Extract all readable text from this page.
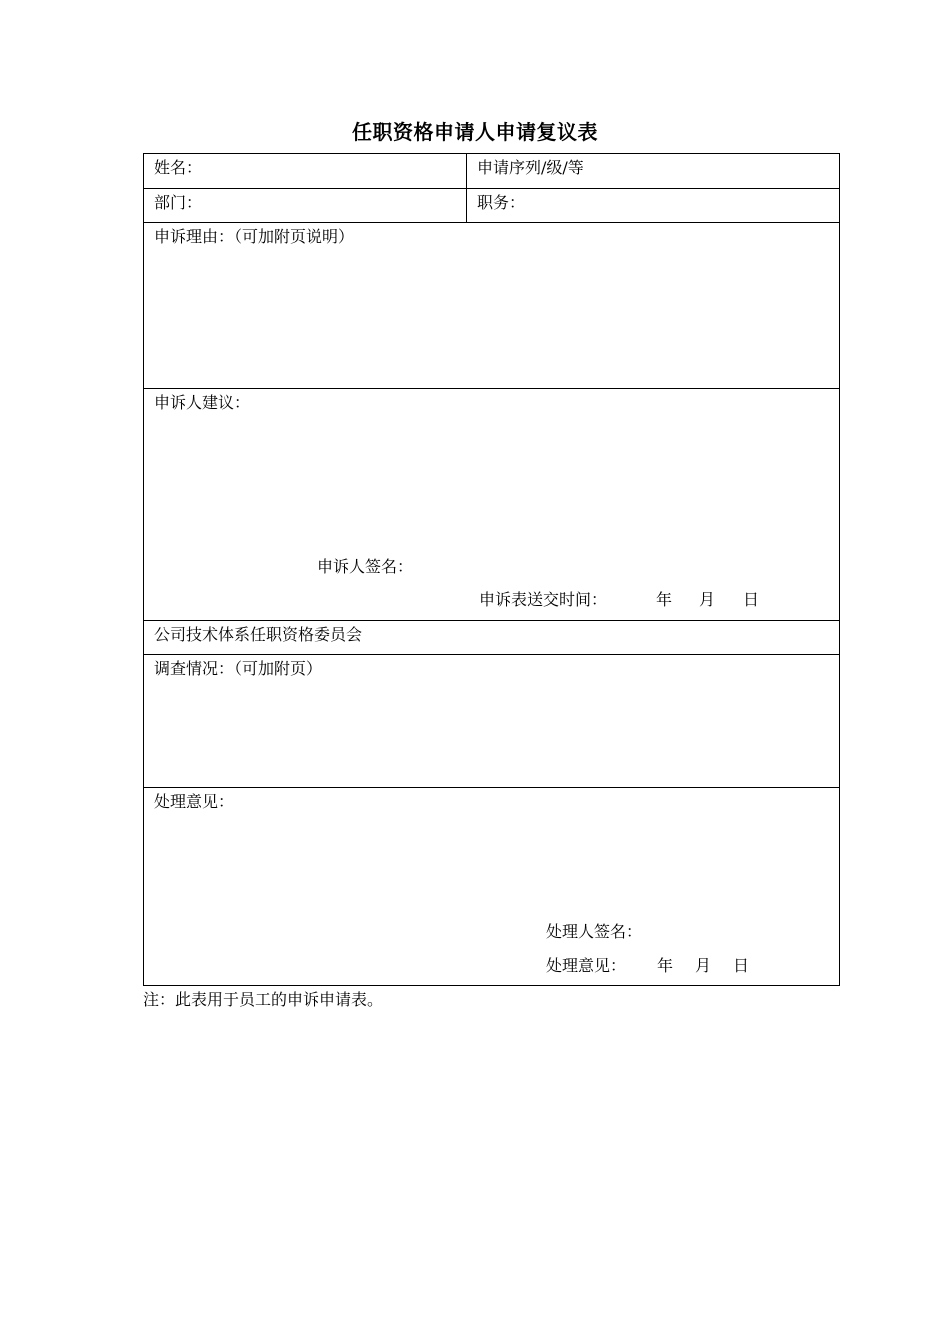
任职资格申请人申请复议表
姓名：	申请序列/级/等
部门：	职务：
申诉理由：（可加附页说明）
申诉人建议：
申诉人签名：
申诉表送交时间：	年 月 日
公司技术体系任职资格委员会
调查情况：（可加附页）
处理意见：
处理人签名：
处理意见： 年 月 日
注：此表用于员工的申诉申请表。
